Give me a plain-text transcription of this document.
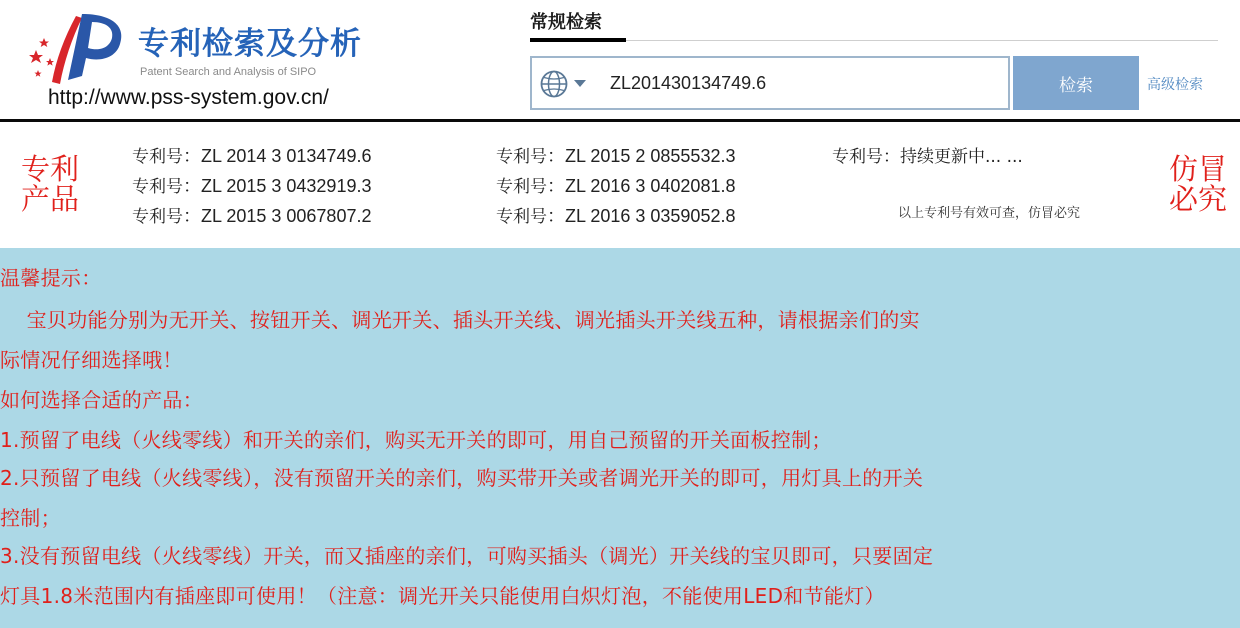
专利检索及分析
Patent Search and Analysis of SIPO
http://www.pss-system.gov.cn/
常规检索
ZL201430134749.6
检索	高级检索
专利
产品
仿冒
必究
专利号：ZL 2014 3 0134749.6
专利号：ZL 2015 3 0432919.3
专利号：ZL 2015 3 0067807.2
专利号：ZL 2015 2 0855532.3
专利号：ZL 2016 3 0402081.8
专利号：ZL 2016 3 0359052.8
专利号：持续更新中... ...
以上专利号有效可查，仿冒必究
温馨提示：
宝贝功能分别为无开关、按钮开关、调光开关、插头开关线、调光插头开关线五种，请根据亲们的实
际情况仔细选择哦！
如何选择合适的产品：
1.预留了电线（火线零线）和开关的亲们，购买无开关的即可，用自己预留的开关面板控制；
2.只预留了电线（火线零线），没有预留开关的亲们，购买带开关或者调光开关的即可，用灯具上的开关
控制；
3.没有预留电线（火线零线）开关，而又插座的亲们，可购买插头（调光）开关线的宝贝即可，只要固定
灯具1.8米范围内有插座即可使用！（注意：调光开关只能使用白炽灯泡，不能使用LED和节能灯）
